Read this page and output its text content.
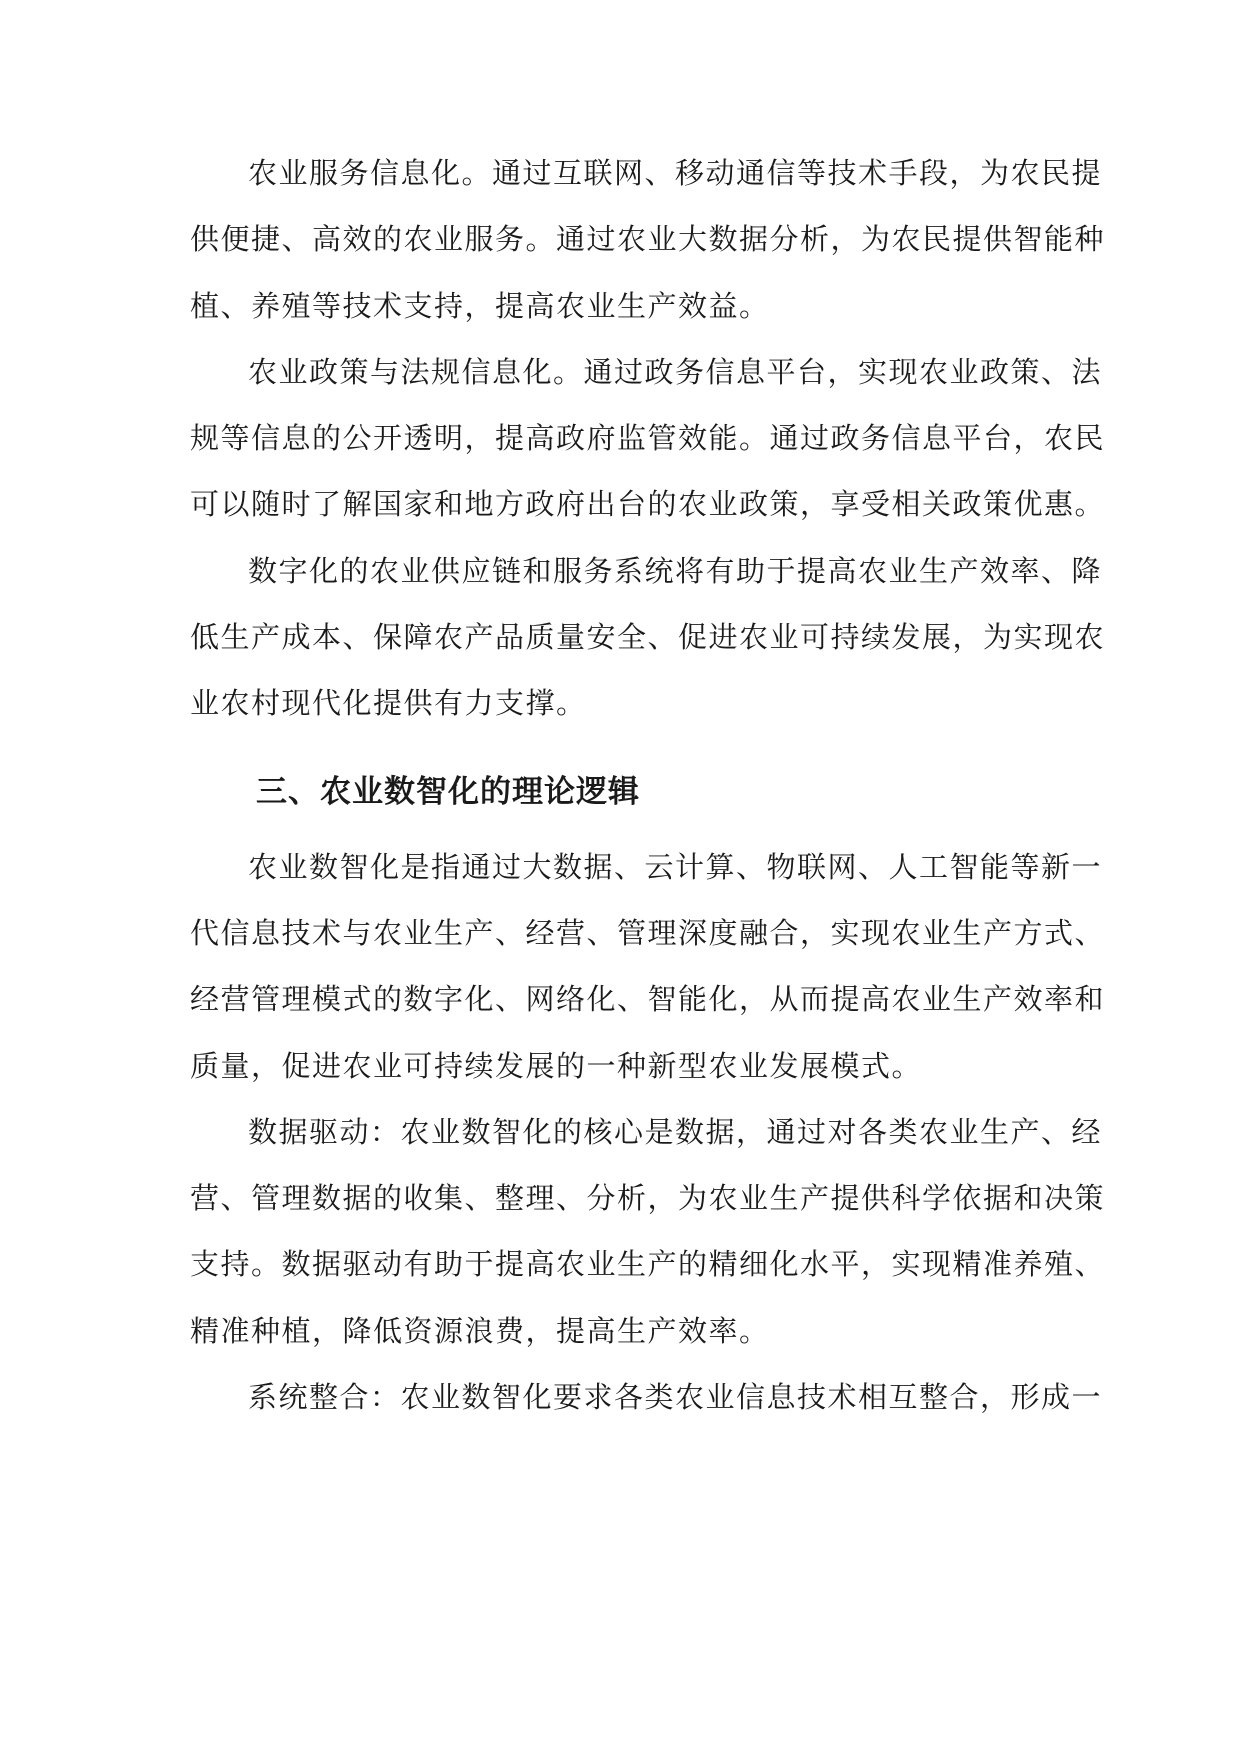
农业服务信息化。通过互联网、移动通信等技术手段，为农民提
供便捷、高效的农业服务。通过农业大数据分析，为农民提供智能种
植、养殖等技术支持，提高农业生产效益。
农业政策与法规信息化。通过政务信息平台，实现农业政策、法
规等信息的公开透明，提高政府监管效能。通过政务信息平台，农民
可以随时了解国家和地方政府出台的农业政策，享受相关政策优惠。
数字化的农业供应链和服务系统将有助于提高农业生产效率、降
低生产成本、保障农产品质量安全、促进农业可持续发展，为实现农
业农村现代化提供有力支撑。
三、农业数智化的理论逻辑
农业数智化是指通过大数据、云计算、物联网、人工智能等新一
代信息技术与农业生产、经营、管理深度融合，实现农业生产方式、
经营管理模式的数字化、网络化、智能化，从而提高农业生产效率和
质量，促进农业可持续发展的一种新型农业发展模式。
数据驱动：农业数智化的核心是数据，通过对各类农业生产、经
营、管理数据的收集、整理、分析，为农业生产提供科学依据和决策
支持。数据驱动有助于提高农业生产的精细化水平，实现精准养殖、
精准种植，降低资源浪费，提高生产效率。
系统整合：农业数智化要求各类农业信息技术相互整合，形成一
